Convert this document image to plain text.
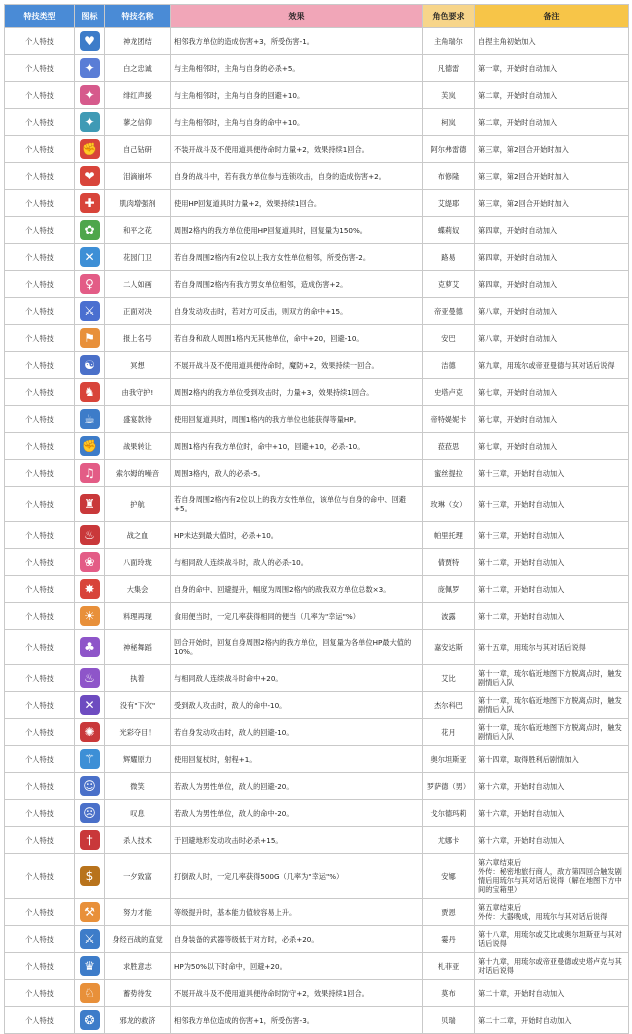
特技类型	图标	特技名称	效果	角色要求	备注
个人特技	♥	神龙团结	相邻我方单位的造成伤害+3，所受伤害-1。	主角瑞尔	自捏主角初始加入
个人特技	✦	白之忠诚	与主角相邻时，主角与自身的必杀+5。	凡德雷	第一章，开始时自动加入
个人特技	✦	绯红声援	与主角相邻时，主角与自身的回避+10。	芙岚	第二章，开始时自动加入
个人特技	✦	蓼之信仰	与主角相邻时，主角与自身的命中+10。	柯岚	第二章，开始时自动加入
个人特技	✊	自己钻研	不装开战斗及不使用道具便待命时力量+2，效果持续1回合。	阿尔弗雷德	第三章，第2回合开始时加入
个人特技	❤	泪滴崩坏	自身的战斗中，若有我方单位参与连锁攻击，自身的造成伤害+2。	布修隆	第三章，第2回合开始时加入
个人特技	✚	肌肉增强剂	使用HP回复道具时力量+2，效果持续1回合。	艾缇耶	第三章，第2回合开始时加入
个人特技	✿	和平之花	周围2格内的我方单位使用HP回复道具时，回复量为150%。	蝶莉奴	第四章，开始时自动加入
个人特技	✕	花园门卫	若自身周围2格内有2位以上我方女性单位相邻，所受伤害-2。	路易	第四章，开始时自动加入
个人特技	♀	二人如画	若自身周围2格内有我方男女单位相邻，造成伤害+2。	克萝艾	第四章，开始时自动加入
个人特技	⚔	正面对决	自身发动攻击时，若对方可反击，则双方的命中+15。	帝亚曼德	第八章，开始时自动加入
个人特技	⚑	报上名号	若自身和敌人周围1格内无其他单位，命中+20，回避-10。	安巴	第八章，开始时自动加入
个人特技	☯	冥想	不展开战斗及不使用道具便待命时，魔防+2，效果持续一回合。	洁德	第九章，用琉尔或帝亚曼德与其对话后说得
个人特技	♞	由我守护!	周围2格内的我方单位受到攻击时，力量+3，效果持续1回合。	史塔卢克	第七章，开始时自动加入
个人特技	☕	盛宴款待	使用回复道具时，周围1格内的我方单位也能获得等量HP。	帝特媞妮卡	第七章，开始时自动加入
个人特技	✊	战果转让	周围1格内有我方单位时，命中+10，回避+10，必杀-10。	菈菈思	第七章，开始时自动加入
个人特技	♫	索尔姆的噪音	周围3格内，敌人的必杀-5。	蜜丝提拉	第十三章，开始时自动加入
个人特技	♜	护航	若自身周围2格内有2位以上的我方女性单位，该单位与自身的命中、回避+5。	玫琳（女）	第十三章，开始时自动加入
个人特技	♨	战之血	HP未达到最大值时，必杀+10。	帕里托理	第十三章，开始时自动加入
个人特技	❀	八面玲珑	与相同敌人连续战斗时，敌人的必杀-10。	倩贾特	第十二章，开始时自动加入
个人特技	✸	大集会	自身的命中、回避提升，幅度为周围2格内的敌我双方单位总数×3。	庞佩罗	第十二章，开始时自动加入
个人特技	☀	料理再现	食用便当时，一定几率获得相同的便当（几率为"幸运"%）	波露	第十二章，开始时自动加入
个人特技	♣	神秘舞蹈	回合开始时，回复自身周围2格内的我方单位，回复量为各单位HP最大值的10%。	嘉安达斯	第十五章，用琉尔与其对话后说得
个人特技	♨	执着	与相同敌人连续战斗时命中+20。	艾比	第十一章，琉尔临近地图下方脱离点时，触发剧情后入队
个人特技	✕	没有"下次"	受到敌人攻击时，敌人的命中-10。	杰尔科巴	第十一章，琉尔临近地图下方脱离点时，触发剧情后入队
个人特技	✺	光彩夺目！	若自身发动攻击时，敌人的回避-10。	花月	第十一章，琉尔临近地图下方脱离点时，触发剧情后入队
个人特技	⚚	辉耀原力	使用回复杖时，射程+1。	奥尔坦斯亚	第十四章，取得胜利后剧情加入
个人特技	☺	微笑	若敌人为男性单位，敌人的回避-20。	罗萨德（男）	第十六章，开始时自动加入
个人特技	☹	叹息	若敌人为男性单位，敌人的命中-20。	戈尔德玛莉	第十六章，开始时自动加入
个人特技	†	杀人技术	于回避地形发动攻击时必杀+15。	尤娜卡	第十六章，开始时自动加入
个人特技	$	一夕致富	打倒敌人时，一定几率获得500G（几率为"幸运"%）	安娜	第六章结束后
外传：秘密地旅行商人，敌方第四回合触发剧情后用琉尔与其对话后说得（解在地图下方中间的宝箱里）
个人特技	⚒	努力才能	等级提升时，基本能力值较容易上升。	贾恩	第五章结束后
外传：大器晚成，用琉尔与其对话后说得
个人特技	⚔	身经百战的直觉	自身装备的武器等级低于对方时，必杀+20。	霎丹	第十八章，用琉尔或艾比或奥尔坦斯亚与其对话后说得
个人特技	♛	求胜意志	HP为50%以下时命中，回避+20。	札菲亚	第十九章，用琉尔或帝亚曼德或史塔卢克与其对话后说得
个人特技	♘	蓄势待发	不展开战斗及不使用道具便待命时防守+2，效果持续1回合。	莫布	第二十章，开始时自动加入
个人特技	❂	邪龙的救济	相邻我方单位造成的伤害+1，所受伤害-3。	贝瑞	第二十二章，开始时自动加入
